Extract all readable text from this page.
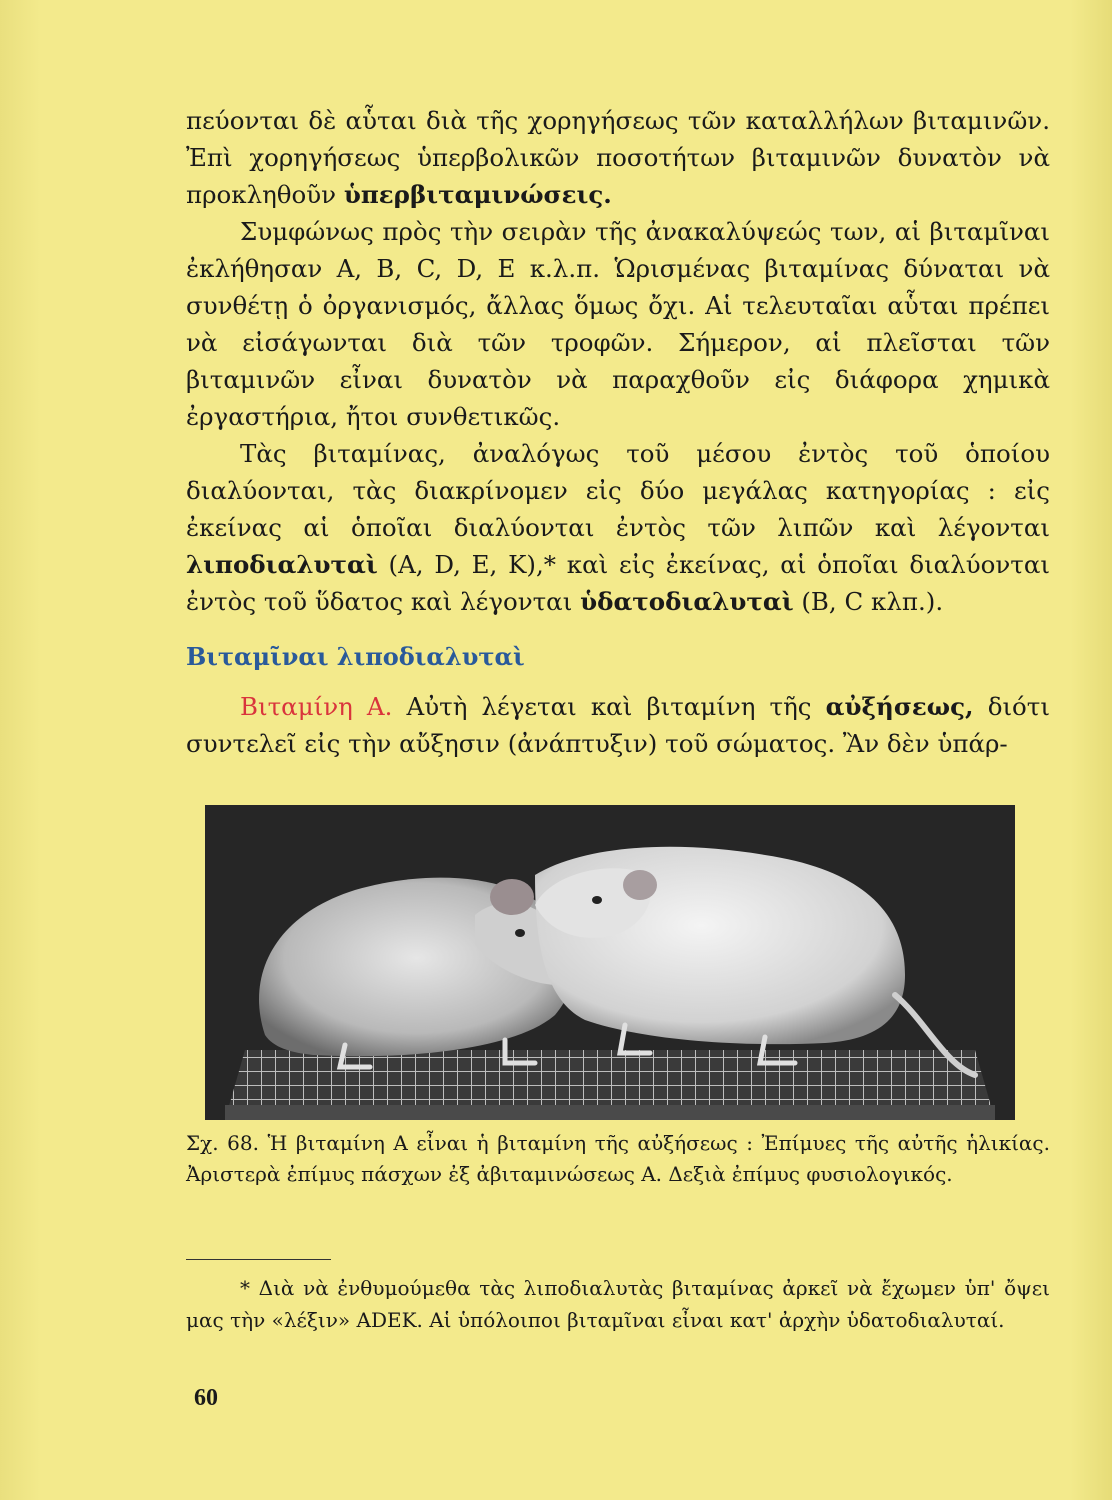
πεύονται δὲ αὗται διὰ τῆς χορηγήσεως τῶν καταλλήλων βιταμινῶν. Ἐπὶ χορηγήσεως ὑπερβολικῶν ποσοτήτων βιταμινῶν δυνατὸν νὰ προκληθοῦν ὑπερβιταμινώσεις.

Συμφώνως πρὸς τὴν σειρὰν τῆς ἀνακαλύψεώς των, αἱ βιταμῖναι ἐκλήθησαν A, B, C, D, E κ.λ.π. Ὡρισμένας βιταμίνας δύναται νὰ συνθέτῃ ὁ ὀργανισμός, ἄλλας ὅμως ὄχι. Αἱ τελευταῖαι αὗται πρέπει νὰ εἰσάγωνται διὰ τῶν τροφῶν. Σήμερον, αἱ πλεῖσται τῶν βιταμινῶν εἶναι δυνατὸν νὰ παραχθοῦν εἰς διάφορα χημικὰ ἐργαστήρια, ἤτοι συνθετικῶς.

Τὰς βιταμίνας, ἀναλόγως τοῦ μέσου ἐντὸς τοῦ ὁποίου διαλύονται, τὰς διακρίνομεν εἰς δύο μεγάλας κατηγορίας : εἰς ἐκείνας αἱ ὁποῖαι διαλύονται ἐντὸς τῶν λιπῶν καὶ λέγονται λιποδιαλυταὶ (A, D, E, K),* καὶ εἰς ἐκείνας, αἱ ὁποῖαι διαλύονται ἐντὸς τοῦ ὕδατος καὶ λέγονται ὑδατοδιαλυταὶ (B, C κλπ.).

Βιταμῖναι λιποδιαλυταὶ

Βιταμίνη Α. Αὐτὴ λέγεται καὶ βιταμίνη τῆς αὐξήσεως, διότι συντελεῖ εἰς τὴν αὔξησιν (ἀνάπτυξιν) τοῦ σώματος. Ἂν δὲν ὑπάρ-

Σχ. 68. Ἡ βιταμίνη Α εἶναι ἡ βιταμίνη τῆς αὐξήσεως : Ἐπίμυες τῆς αὐτῆς ἡλικίας. Ἀριστερὰ ἐπίμυς πάσχων ἐξ ἀβιταμινώσεως Α. Δεξιὰ ἐπίμυς φυσιολογικός.

* Διὰ νὰ ἐνθυμούμεθα τὰς λιποδιαλυτὰς βιταμίνας ἀρκεῖ νὰ ἔχωμεν ὑπ' ὄψει μας τὴν «λέξιν» ADEK. Αἱ ὑπόλοιποι βιταμῖναι εἶναι κατ' ἀρχὴν ὑδατοδιαλυταί.

60
